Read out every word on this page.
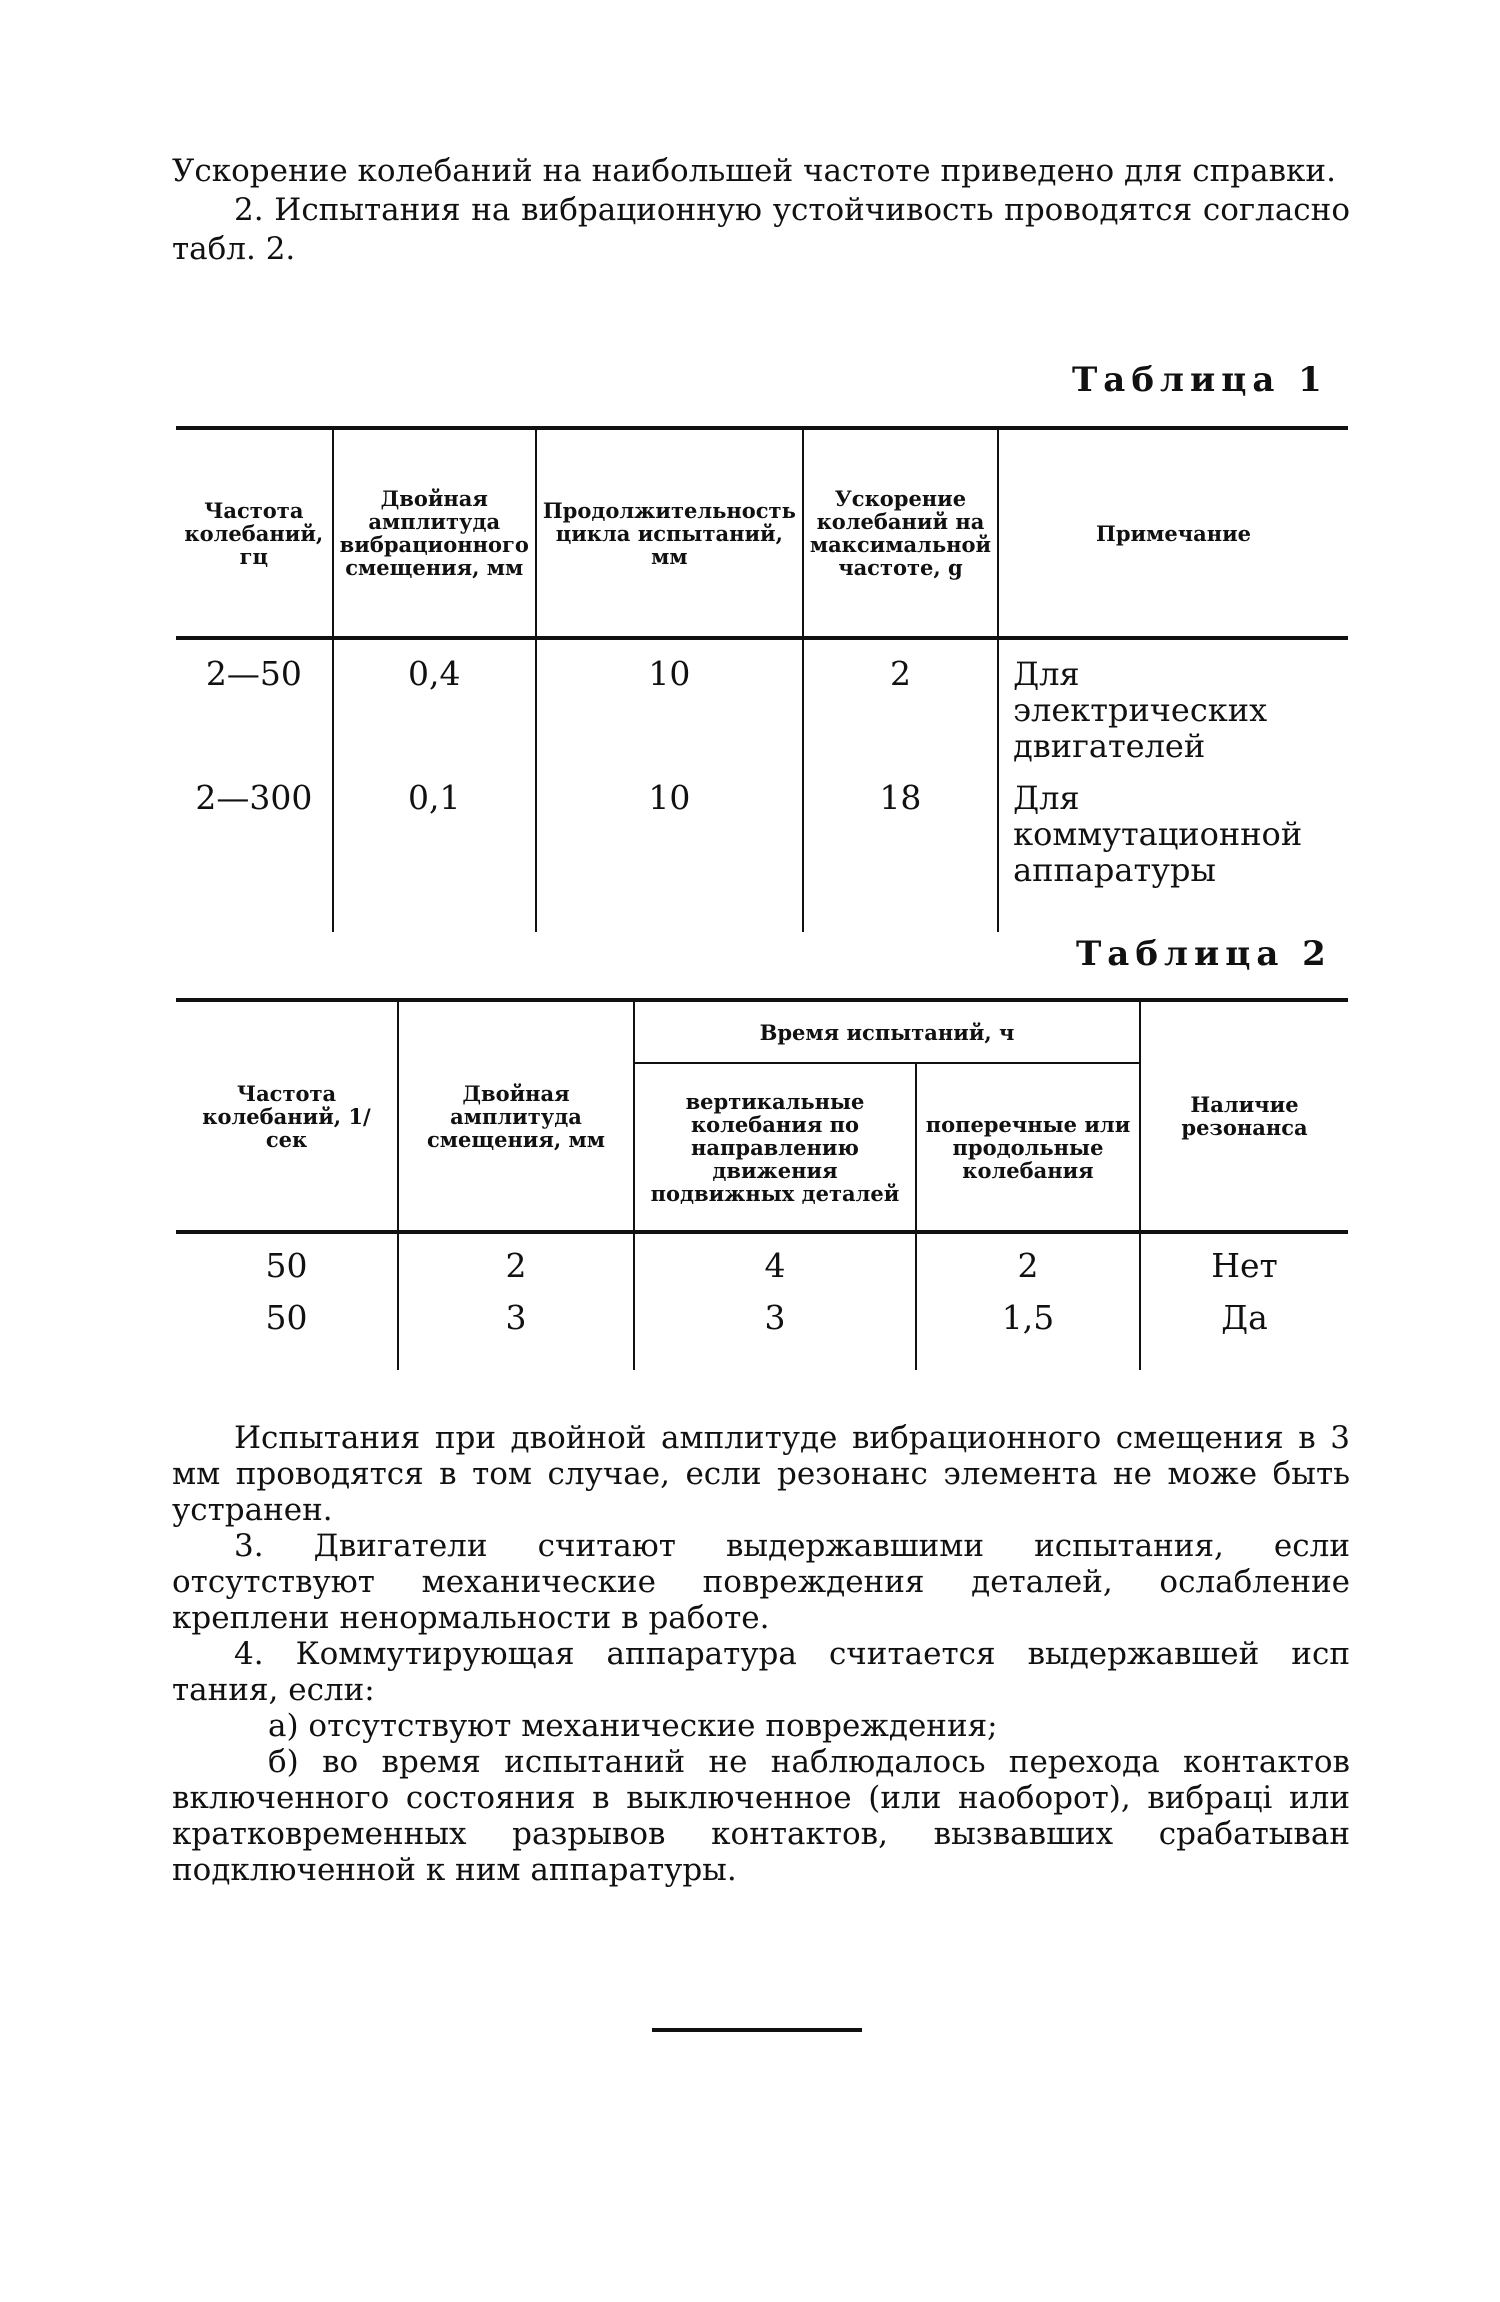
Ускорение колебаний на наибольшей частоте приведено для справки.
2. Испытания на вибрационную устойчивость проводятся согласно табл. 2.

Таблица 1
Частота колебаний, гц	Двойная амплитуда вибрационного смещения, мм	Продолжительность цикла испытаний, мм	Ускорение колебаний на максимальной частоте, g	Примечание
2—50	0,4	10	2	Для электрических двигателей
2—300	0,1	10	18	Для коммутационной аппаратуры
Таблица 2
Частота колебаний, 1/сек	Двойная амплитуда смещения, мм	Время испытаний, ч		Наличие резонанса
		вертикальные колебания по направлению движения подвижных деталей	поперечные или продольные колебания	
50	2	4	2	Нет
50	3	3	1,5	Да

Испытания при двойной амплитуде вибрационного смещения в 3 мм проводятся в том случае, если резонанс элемента не може быть устранен.

3. Двигатели считают выдержавшими испытания, если отсутствуют механические повреждения деталей, ослабление креплени ненормальности в работе.

4. Коммутирующая аппаратура считается выдержавшей исп тания, если:

а) отсутствуют механические повреждения;

б) во время испытаний не наблюдалось перехода контактов включенного состояния в выключенное (или наоборот), вибраці или кратковременных разрывов контактов, вызвавших срабатыван подключенной к ним аппаратуры.
